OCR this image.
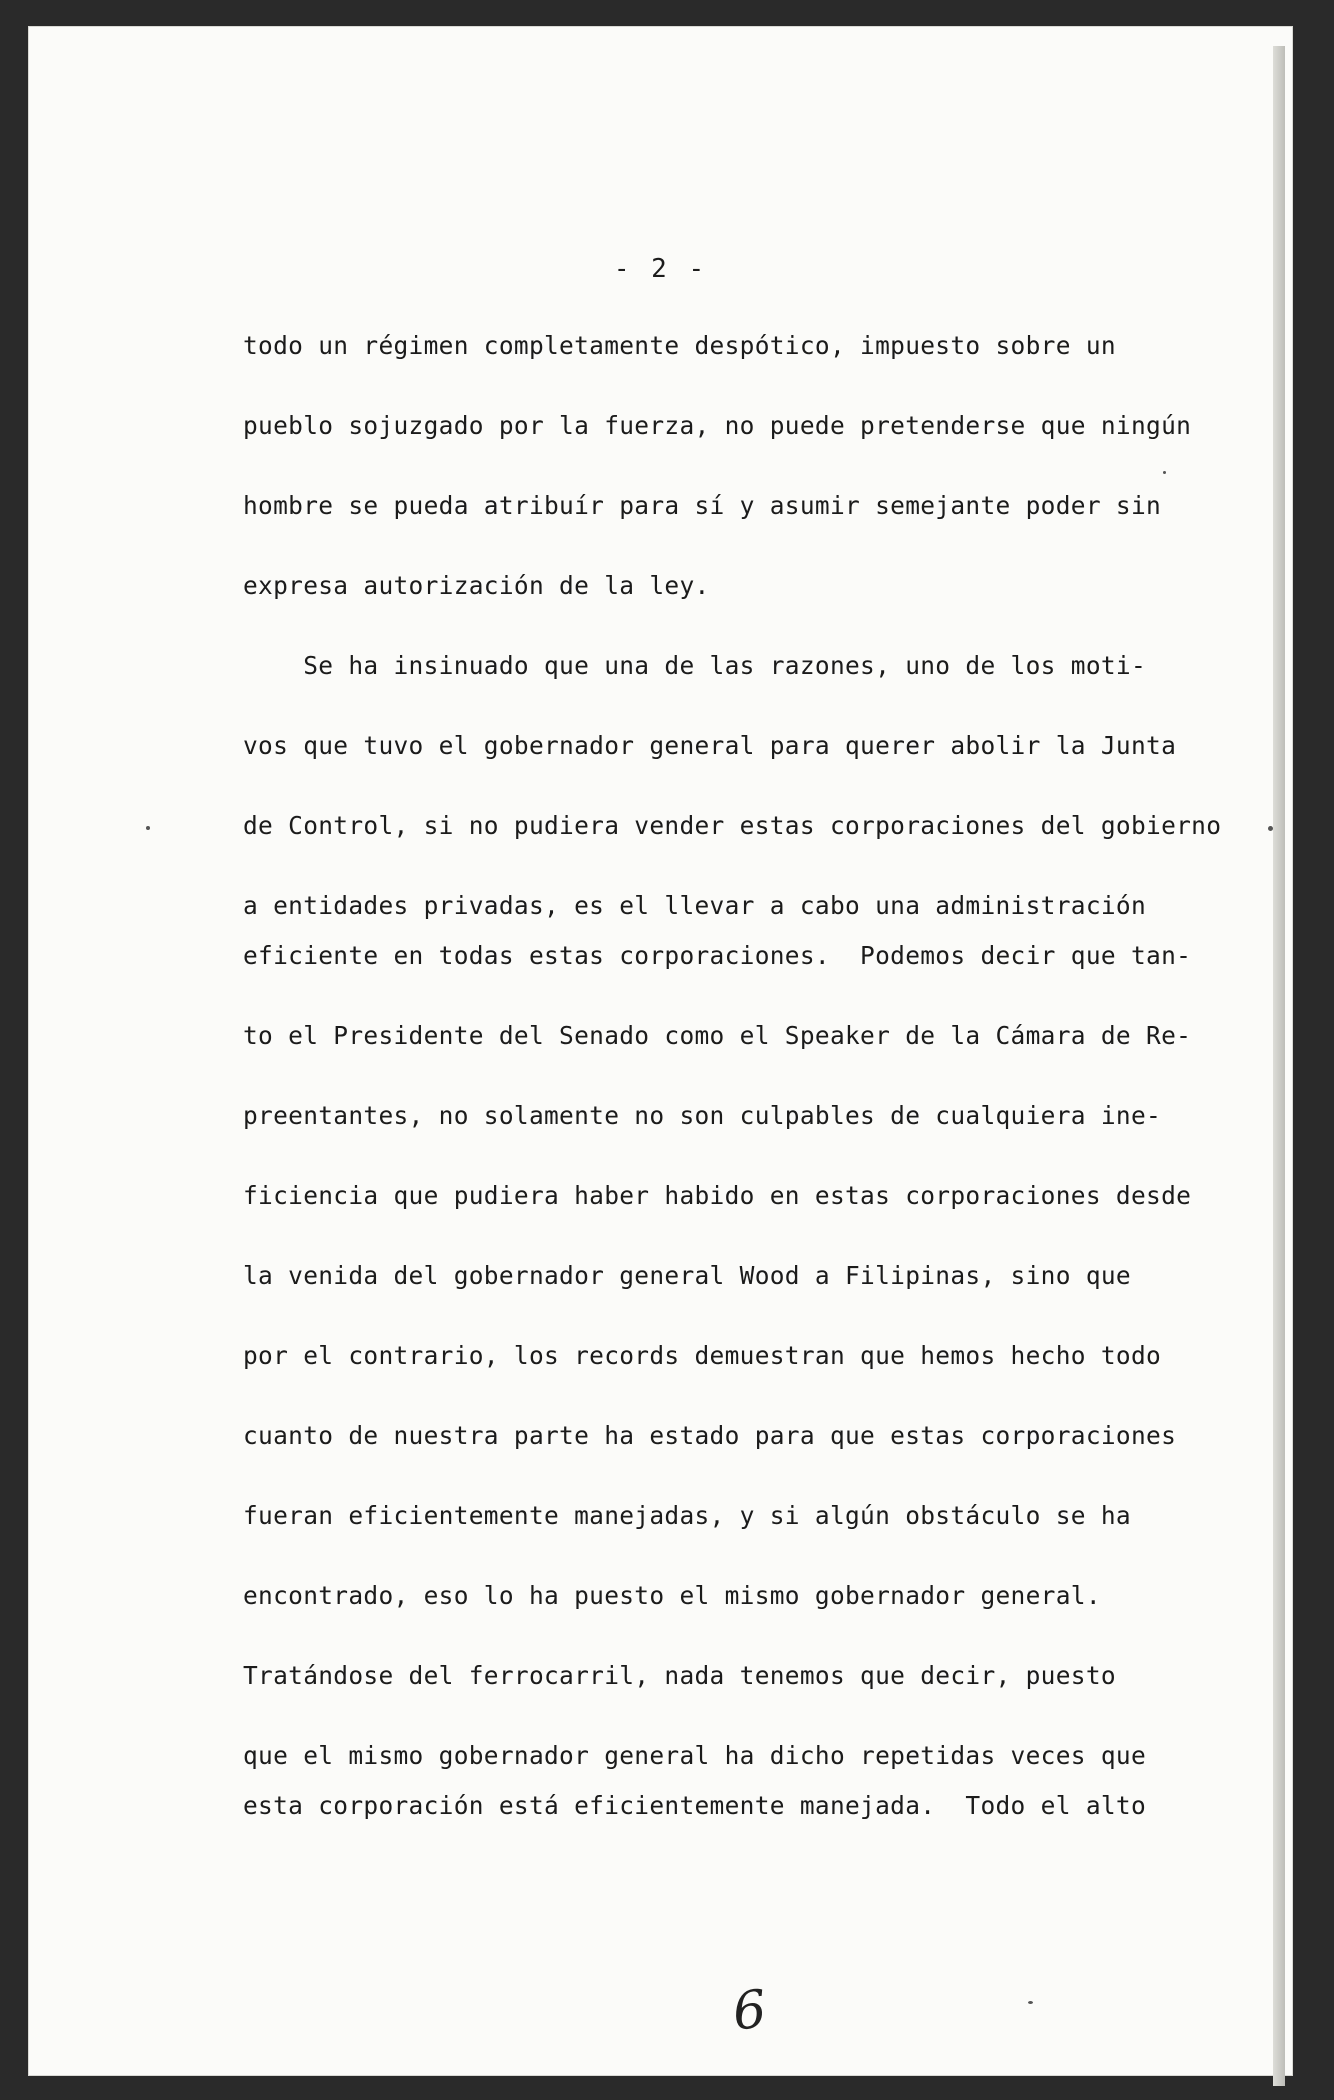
- 2 -
todo un régimen completamente despótico, impuesto sobre un
pueblo sojuzgado por la fuerza, no puede pretenderse que ningún
hombre se pueda atribuír para sí y asumir semejante poder sin
expresa autorización de la ley.
Se ha insinuado que una de las razones, uno de los moti-
vos que tuvo el gobernador general para querer abolir la Junta
de Control, si no pudiera vender estas corporaciones del gobierno
a entidades privadas, es el llevar a cabo una administración
eficiente en todas estas corporaciones.  Podemos decir que tan-
to el Presidente del Senado como el Speaker de la Cámara de Re-
preentantes, no solamente no son culpables de cualquiera ine-
ficiencia que pudiera haber habido en estas corporaciones desde
la venida del gobernador general Wood a Filipinas, sino que
por el contrario, los records demuestran que hemos hecho todo
cuanto de nuestra parte ha estado para que estas corporaciones
fueran eficientemente manejadas, y si algún obstáculo se ha
encontrado, eso lo ha puesto el mismo gobernador general.
Tratándose del ferrocarril, nada tenemos que decir, puesto
que el mismo gobernador general ha dicho repetidas veces que
esta corporación está eficientemente manejada.  Todo el alto
6
